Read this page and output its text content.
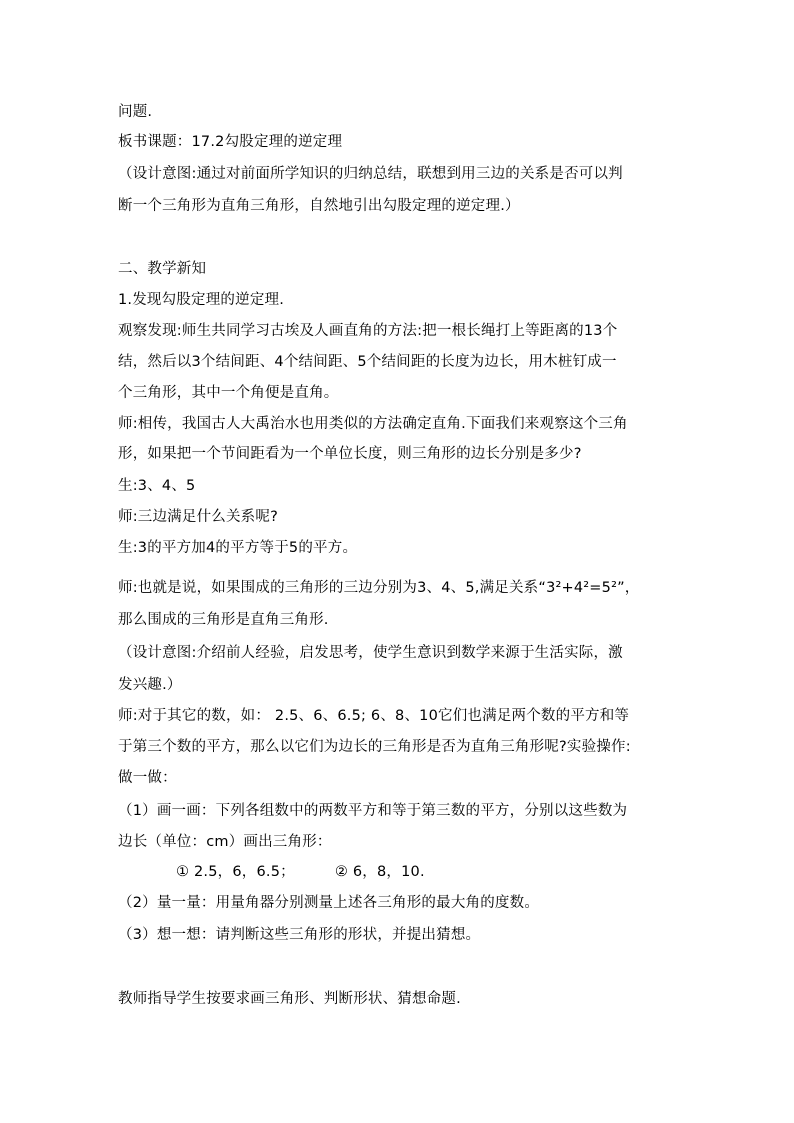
问题.
板书课题：17.2勾股定理的逆定理
（设计意图:通过对前面所学知识的归纳总结，联想到用三边的关系是否可以判
断一个三角形为直角三角形，自然地引出勾股定理的逆定理.）
二、教学新知
1.发现勾股定理的逆定理.
观察发现:师生共同学习古埃及人画直角的方法:把一根长绳打上等距离的13个
结，然后以3个结间距、4个结间距、5个结间距的长度为边长，用木桩钉成一
个三角形，其中一个角便是直角。
师:相传，我国古人大禹治水也用类似的方法确定直角.下面我们来观察这个三角
形，如果把一个节间距看为一个单位长度，则三角形的边长分别是多少?
生:3、4、5
师:三边满足什么关系呢?
生:3的平方加4的平方等于5的平方。
师:也就是说，如果围成的三角形的三边分别为3、4、5,满足关系“3²+4²=5²”，
那么围成的三角形是直角三角形.
（设计意图:介绍前人经验，启发思考，使学生意识到数学来源于生活实际，激
发兴趣.）
师:对于其它的数，如： 2.5、6、6.5; 6、8、10它们也满足两个数的平方和等
于第三个数的平方，那么以它们为边长的三角形是否为直角三角形呢?实验操作:
做一做：
（1）画一画：下列各组数中的两数平方和等于第三数的平方，分别以这些数为
边长（单位：cm）画出三角形：
① 2.5，6，6.5；	② 6，8，10.
（2）量一量：用量角器分别测量上述各三角形的最大角的度数。
（3）想一想：请判断这些三角形的形状，并提出猜想。
教师指导学生按要求画三角形、判断形状、猜想命题.
